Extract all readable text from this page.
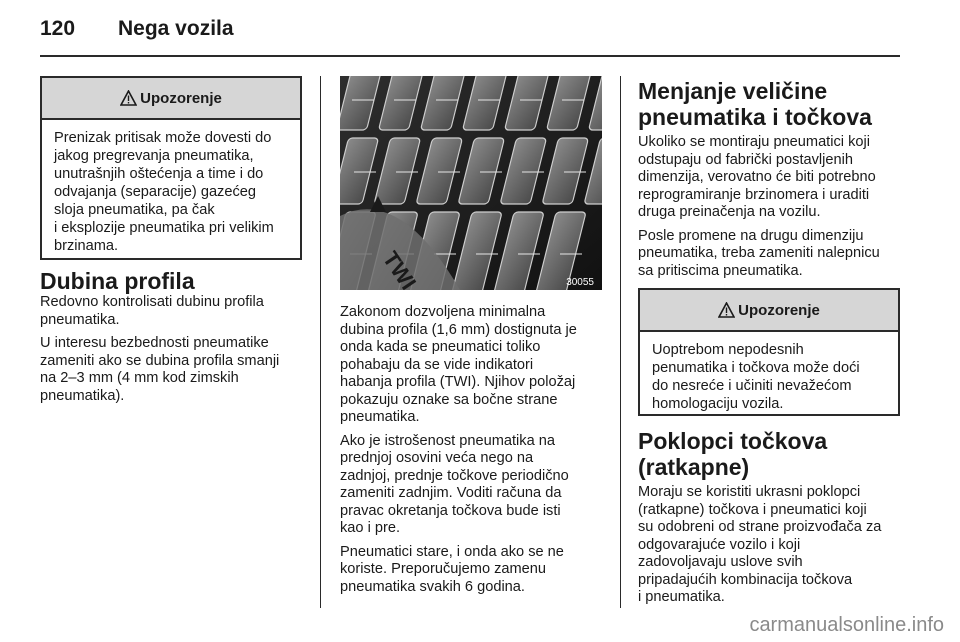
120 Nega vozila
Upozorenje
Prenizak pritisak može dovesti do
jakog pregrevanja pneumatika,
unutrašnjih oštećenja a time i do
odvajanja (separacije) gazećeg
sloja pneumatika, pa čak
i eksplozije pneumatika pri velikim
brzinama.
Dubina profila

Redovno kontrolisati dubinu profila
pneumatika.

U interesu bezbednosti pneumatike
zameniti ako se dubina profila smanji
na 2–3 mm (4 mm kod zimskih
pneumatika).

TWI	30055

Zakonom dozvoljena minimalna
dubina profila (1,6 mm) dostignuta je
onda kada se pneumatici toliko
pohabaju da se vide indikatori
habanja profila (TWI). Njihov položaj
pokazuju oznake sa bočne strane
pneumatika.

Ako je istrošenost pneumatika na
prednjoj osovini veća nego na
zadnjoj, prednje točkove periodično
zameniti zadnjim. Voditi računa da
pravac okretanja točkova bude isti
kao i pre.

Pneumatici stare, i onda ako se ne
koriste. Preporučujemo zamenu
pneumatika svakih 6 godina.

Menjanje veličine
pneumatika i točkova

Ukoliko se montiraju pneumatici koji
odstupaju od fabrički postavljenih
dimenzija, verovatno će biti potrebno
reprogramiranje brzinomera i uraditi
druga preinačenja na vozilu.

Posle promene na drugu dimenziju
pneumatika, treba zameniti nalepnicu
sa pritiscima pneumatika.

Upozorenje
Uoptrebom nepodesnih
penumatika i točkova može doći
do nesreće i učiniti nevažećom
homologaciju vozila.
Poklopci točkova
(ratkapne)

Moraju se koristiti ukrasni poklopci
(ratkapne) točkova i pneumatici koji
su odobreni od strane proizvođača za
odgovarajuće vozilo i koji
zadovoljavaju uslove svih
pripadajućih kombinacija točkova
i pneumatika.

carmanualsonline.info
